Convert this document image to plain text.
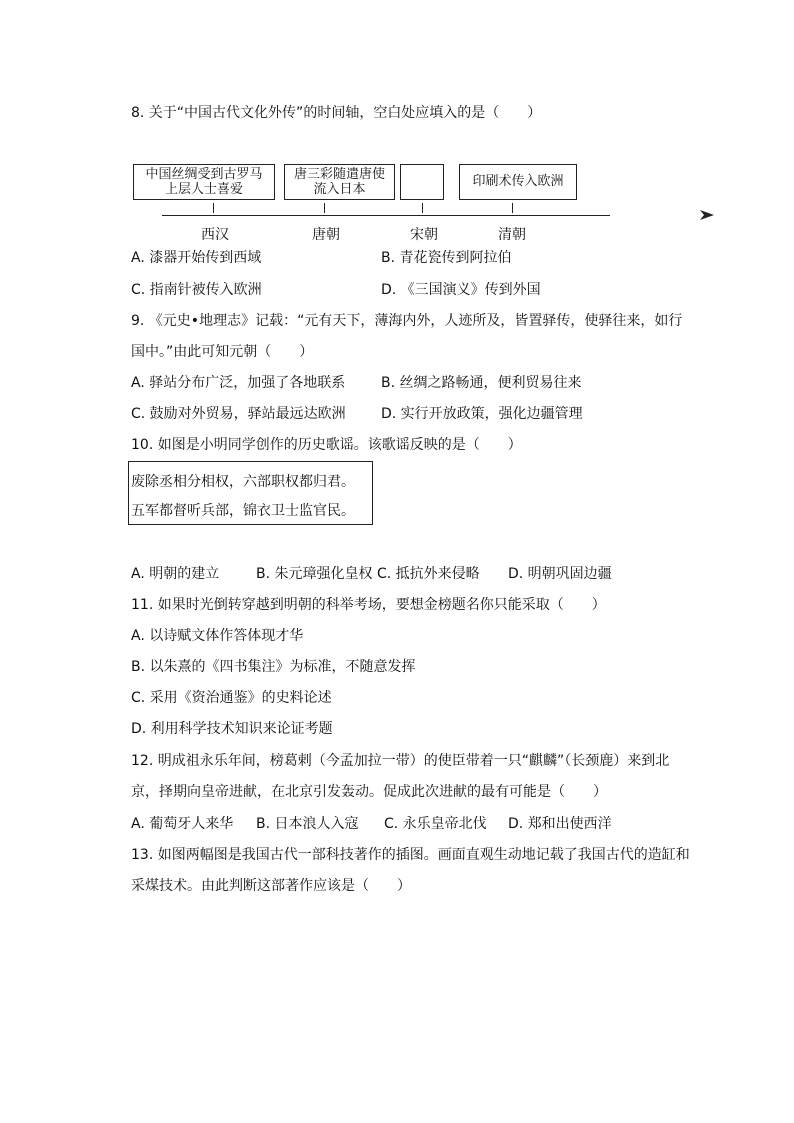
8. 关于“中国古代文化外传”的时间轴，空白处应填入的是（　　）
中国丝绸受到古罗马
上层人士喜爱
唐三彩随遣唐使
流入日本
印刷术传入欧洲
西汉	唐朝	宋朝	清朝
A. 漆器开始传到西域	B. 青花瓷传到阿拉伯
C. 指南针被传入欧洲	D. 《三国演义》传到外国
9. 《元史•地理志》记载：“元有天下，薄海内外，人迹所及，皆置驿传，使驿往来，如行
国中。”由此可知元朝（　　）
A. 驿站分布广泛，加强了各地联系	B. 丝绸之路畅通，便利贸易往来
C. 鼓励对外贸易，驿站最远达欧洲	D. 实行开放政策，强化边疆管理
10. 如图是小明同学创作的历史歌谣。该歌谣反映的是（　　）
废除丞相分相权，六部职权都归君。
五军都督听兵部，锦衣卫士监官民。
A. 明朝的建立	B. 朱元璋强化皇权 C. 抵抗外来侵略 D. 明朝巩固边疆
11. 如果时光倒转穿越到明朝的科举考场，要想金榜题名你只能采取（　　）
A. 以诗赋文体作答体现才华
B. 以朱熹的《四书集注》为标准，不随意发挥
C. 采用《资治通鉴》的史料论述
D. 利用科学技术知识来论证考题
12. 明成祖永乐年间，榜葛剌（今孟加拉一带）的使臣带着一只“麒麟”（长颈鹿）来到北
京，择期向皇帝进献，在北京引发轰动。促成此次进献的最有可能是（　　）
A. 葡萄牙人来华 B. 日本浪人入寇 C. 永乐皇帝北伐 D. 郑和出使西洋
13. 如图两幅图是我国古代一部科技著作的插图。画面直观生动地记载了我国古代的造缸和
采煤技术。由此判断这部著作应该是（　　）
